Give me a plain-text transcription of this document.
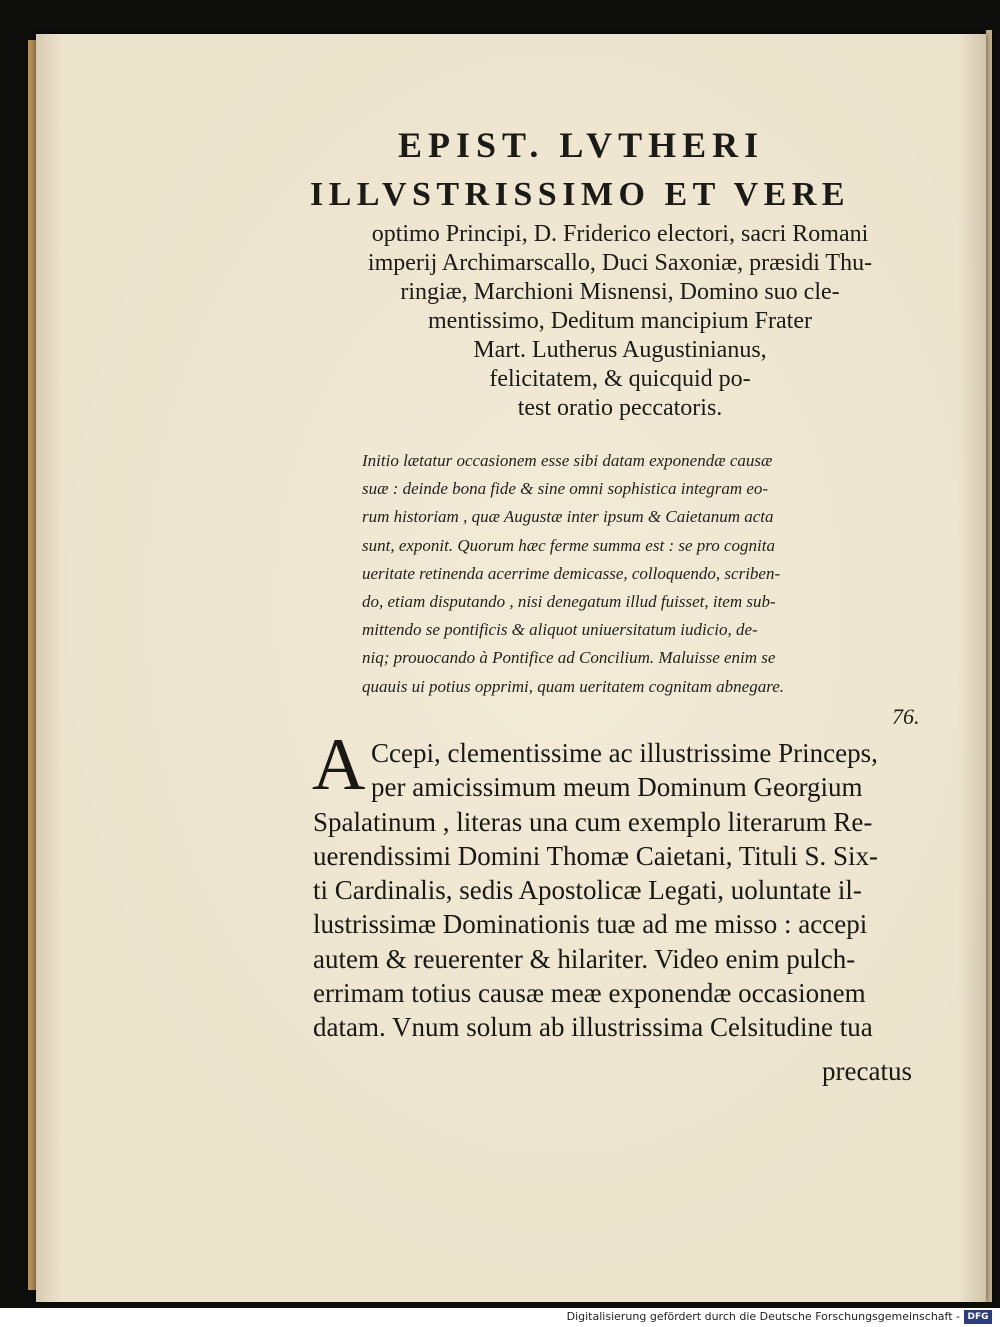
EPIST. LVTHERI
ILLVSTRISSIMO ET VERE
optimo Principi, D. Friderico electori, sacri Romani
imperij Archimarscallo, Duci Saxoniæ, præsidi Thu-
ringiæ, Marchioni Misnensi, Domino suo cle-
mentissimo, Deditum mancipium Frater
Mart. Lutherus Augustinianus,
felicitatem, & quicquid po-
test oratio peccatoris.
Initio lætatur occasionem esse sibi datam exponendæ causæ
suæ : deinde bona fide & sine omni sophistica integram eo-
rum historiam , quæ Augustæ inter ipsum & Caietanum acta
sunt, exponit. Quorum hæc ferme summa est : se pro cognita
ueritate retinenda acerrime demicasse, colloquendo, scriben-
do, etiam disputando , nisi denegatum illud fuisset, item sub-
mittendo se pontificis & aliquot uniuersitatum iudicio, de-
niq; prouocando à Pontifice ad Concilium. Maluisse enim se
quauis ui potius opprimi, quam ueritatem cognitam abnegare.
76.
A Ccepi, clementissime ac illustrissime Princeps,
per amicissimum meum Dominum Georgium
Spalatinum , literas una cum exemplo literarum Re-
uerendissimi Domini Thomæ Caietani, Tituli S. Six-
ti Cardinalis, sedis Apostolicæ Legati, uoluntate il-
lustrissimæ Dominationis tuæ ad me misso : accepi
autem & reuerenter & hilariter. Video enim pulch-
errimam totius causæ meæ exponendæ occasionem
datam. Vnum solum ab illustrissima Celsitudine tua
precatus
Digitalisierung gefördert durch die Deutsche Forschungsgemeinschaft - DFG
